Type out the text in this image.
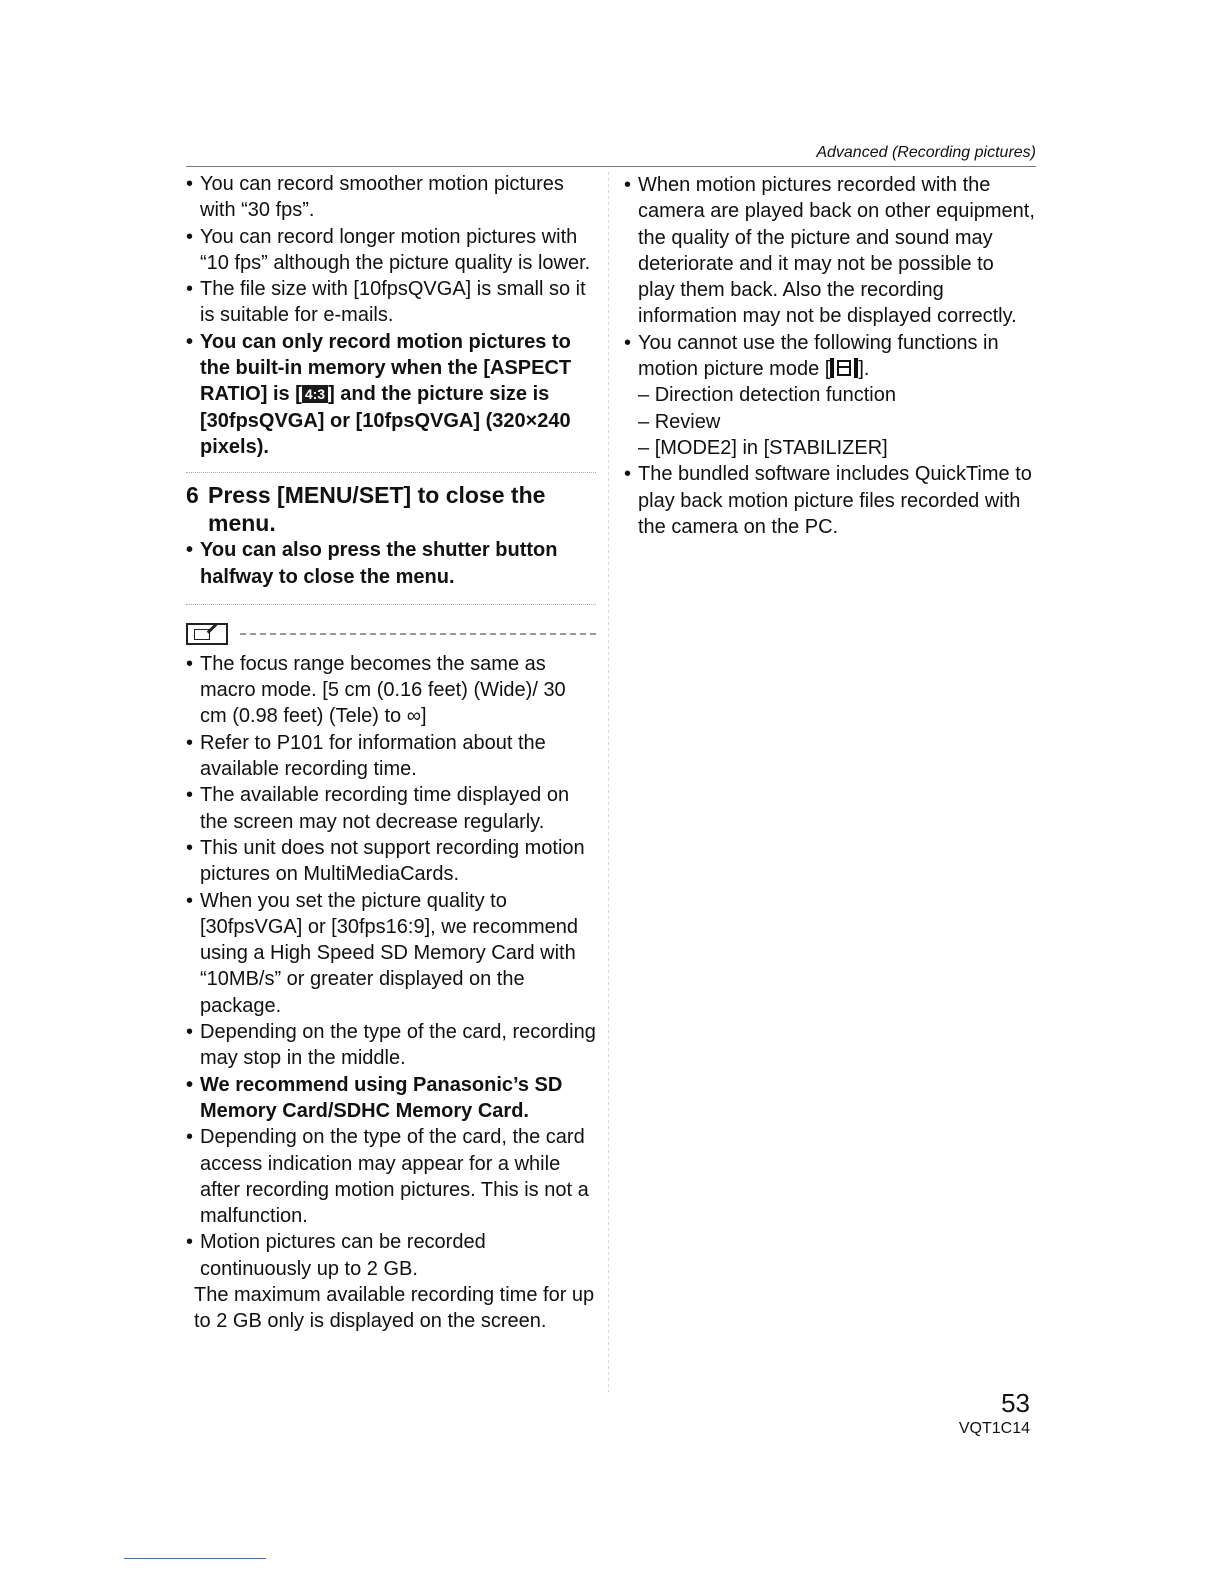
Advanced (Recording pictures)
• You can record smoother motion pictures with “30 fps”.
• You can record longer motion pictures with “10 fps” although the picture quality is lower.
• The file size with [10fpsQVGA] is small so it is suitable for e-mails.
• You can only record motion pictures to the built-in memory when the [ASPECT RATIO] is [ 4:3 ] and the picture size is [30fpsQVGA] or [10fpsQVGA] (320×240 pixels).
6 Press [MENU/SET] to close the menu.
• You can also press the shutter button halfway to close the menu.
• The focus range becomes the same as macro mode. [5 cm (0.16 feet) (Wide)/ 30 cm (0.98 feet) (Tele) to ∞]
• Refer to P101 for information about the available recording time.
• The available recording time displayed on the screen may not decrease regularly.
• This unit does not support recording motion pictures on MultiMediaCards.
• When you set the picture quality to [30fpsVGA] or [30fps16:9], we recommend using a High Speed SD Memory Card with “10MB/s” or greater displayed on the package.
• Depending on the type of the card, recording may stop in the middle.
• We recommend using Panasonic’s SD Memory Card/SDHC Memory Card.
• Depending on the type of the card, the card access indication may appear for a while after recording motion pictures. This is not a malfunction.
• Motion pictures can be recorded continuously up to 2 GB.
The maximum available recording time for up to 2 GB only is displayed on the screen.
• When motion pictures recorded with the camera are played back on other equipment, the quality of the picture and sound may deteriorate and it may not be possible to play them back. Also the recording information may not be displayed correctly.
• You cannot use the following functions in motion picture mode [ ].
– Direction detection function
– Review
– [MODE2] in [STABILIZER]
• The bundled software includes QuickTime to play back motion picture files recorded with the camera on the PC.
53
VQT1C14
